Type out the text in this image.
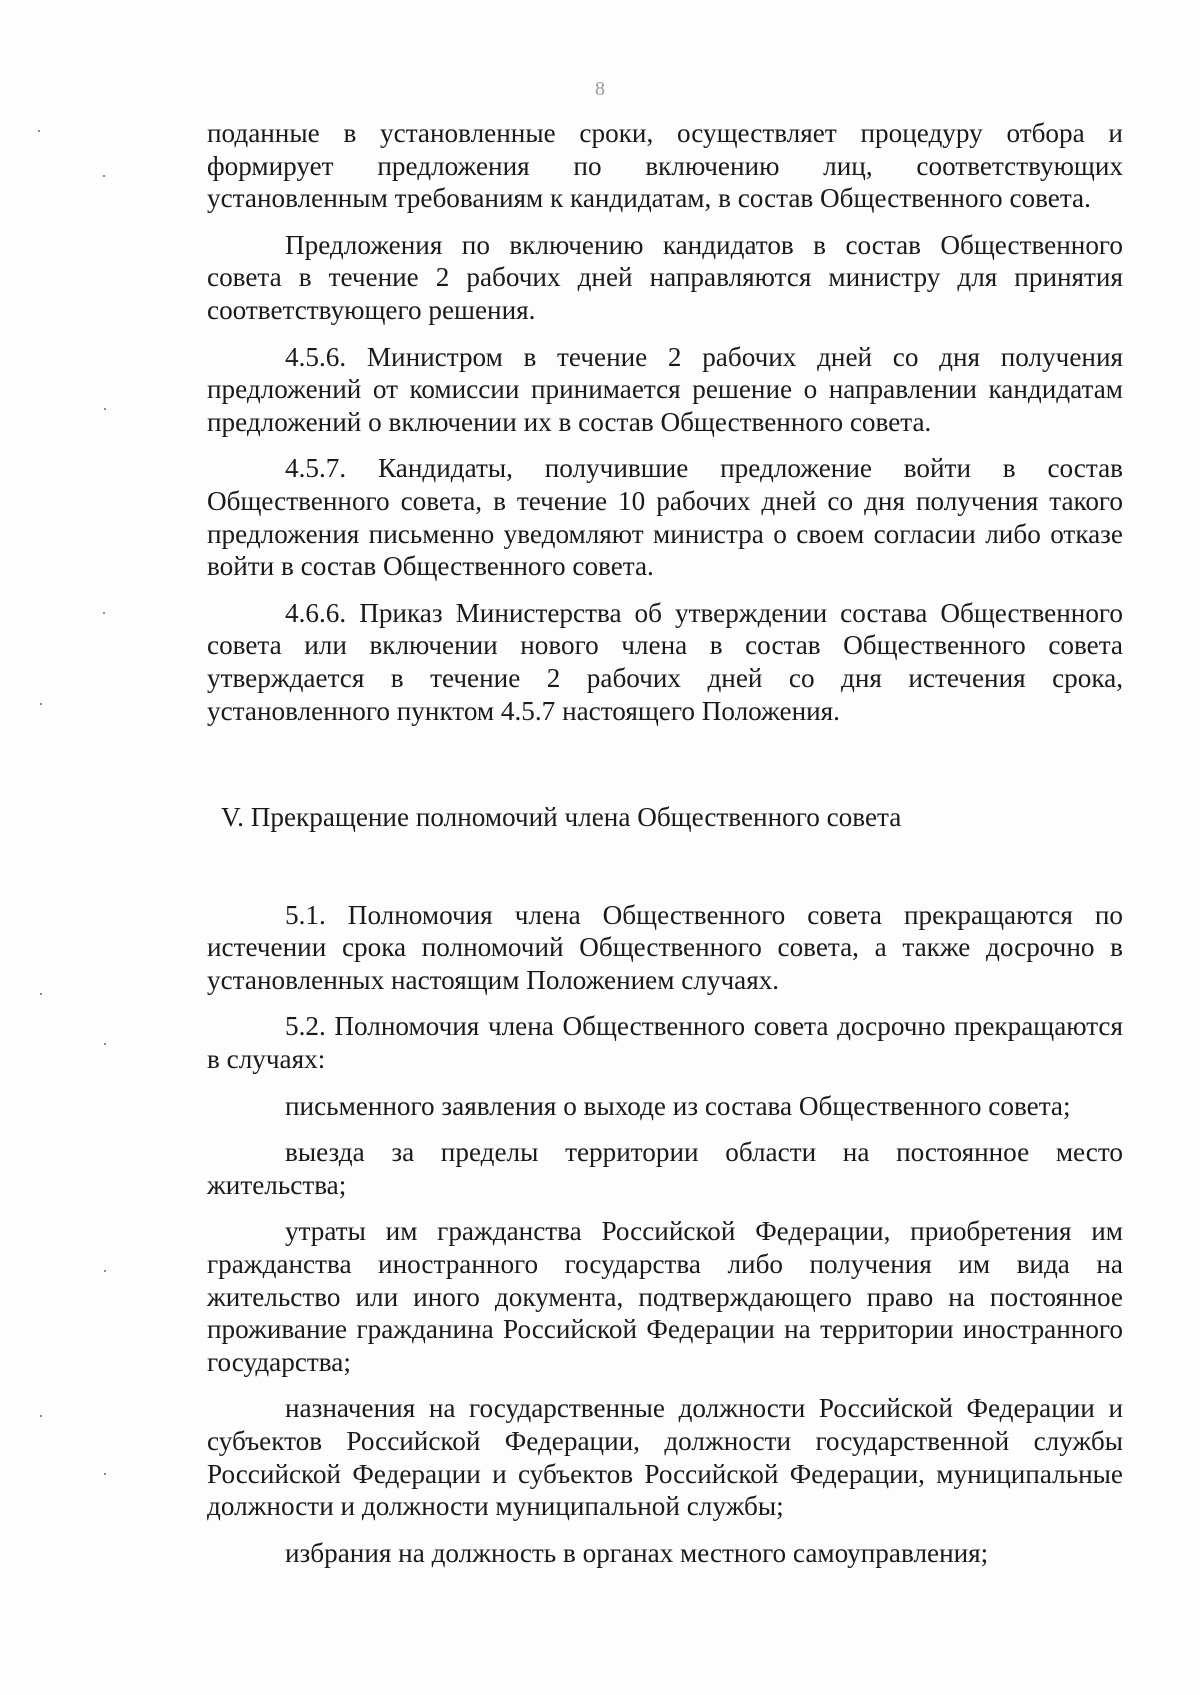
8

поданные в установленные сроки, осуществляет процедуру отбора и формирует предложения по включению лиц, соответствующих установленным требованиям к кандидатам, в состав Общественного совета.

Предложения по включению кандидатов в состав Общественного совета в течение 2 рабочих дней направляются министру для принятия соответствующего решения.

4.5.6. Министром в течение 2 рабочих дней со дня получения предложений от комиссии принимается решение о направлении кандидатам предложений о включении их в состав Общественного совета.

4.5.7. Кандидаты, получившие предложение войти в состав Общественного совета, в течение 10 рабочих дней со дня получения такого предложения письменно уведомляют министра о своем согласии либо отказе войти в состав Общественного совета.

4.6.6. Приказ Министерства об утверждении состава Общественного совета или включении нового члена в состав Общественного совета утверждается в течение 2 рабочих дней со дня истечения срока, установленного пунктом 4.5.7 настоящего Положения.

V. Прекращение полномочий члена Общественного совета

5.1. Полномочия члена Общественного совета прекращаются по истечении срока полномочий Общественного совета, а также досрочно в установленных настоящим Положением случаях.

5.2. Полномочия члена Общественного совета досрочно прекращаются в случаях:

письменного заявления о выходе из состава Общественного совета;

выезда за пределы территории области на постоянное место жительства;

утраты им гражданства Российской Федерации, приобретения им гражданства иностранного государства либо получения им вида на жительство или иного документа, подтверждающего право на постоянное проживание гражданина Российской Федерации на территории иностранного государства;

назначения на государственные должности Российской Федерации и субъектов Российской Федерации, должности государственной службы Российской Федерации и субъектов Российской Федерации, муниципальные должности и должности муниципальной службы;

избрания на должность в органах местного самоуправления;
